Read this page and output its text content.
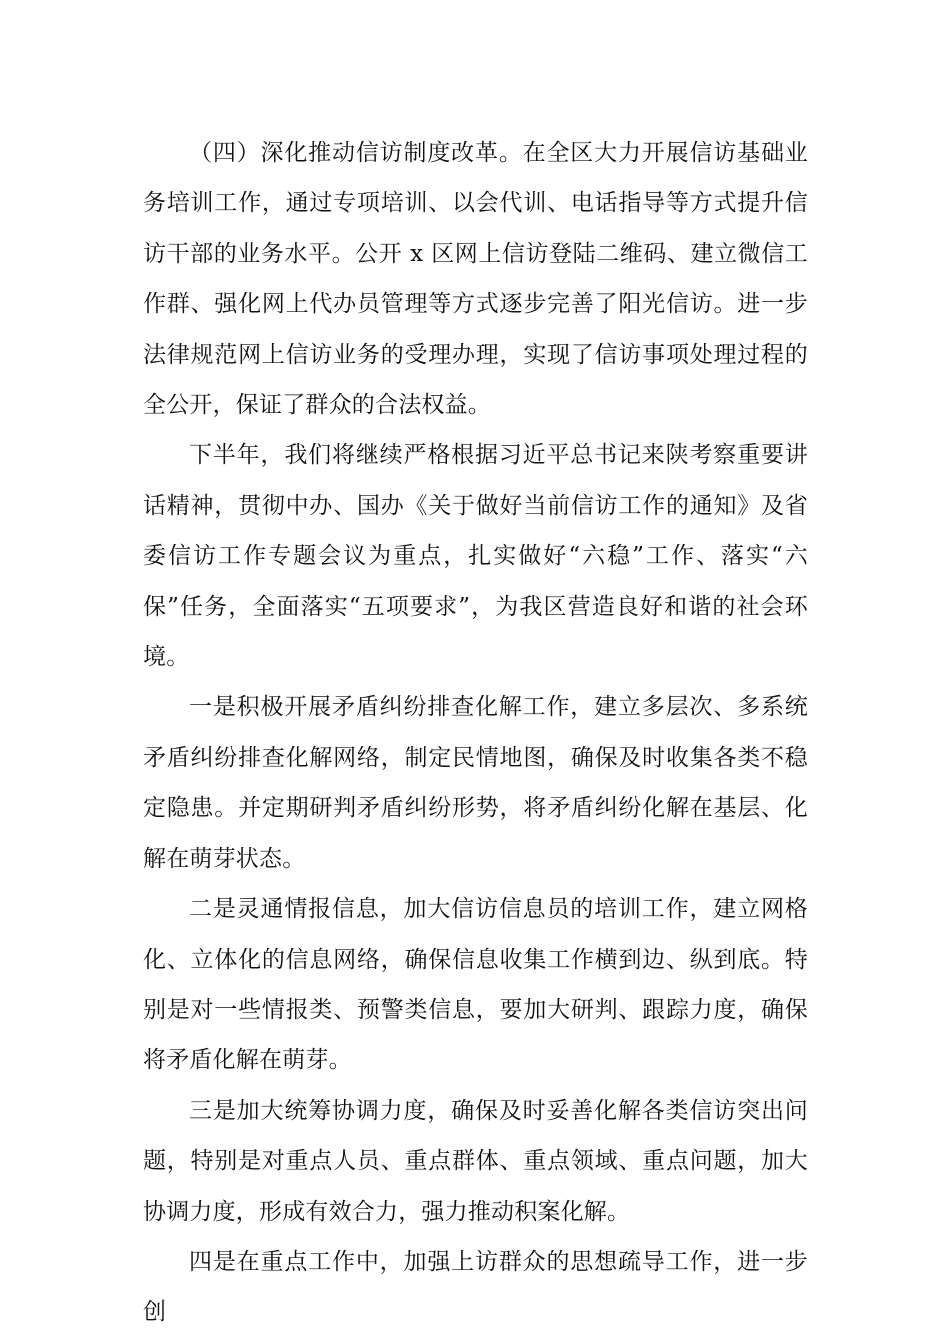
（四）深化推动信访制度改革。在全区大力开展信访基础业务培训工作，通过专项培训、以会代训、电话指导等方式提升信访干部的业务水平。公开 x 区网上信访登陆二维码、建立微信工作群、强化网上代办员管理等方式逐步完善了阳光信访。进一步法律规范网上信访业务的受理办理，实现了信访事项处理过程的全公开，保证了群众的合法权益。

下半年，我们将继续严格根据习近平总书记来陕考察重要讲话精神，贯彻中办、国办《关于做好当前信访工作的通知》及省委信访工作专题会议为重点，扎实做好“六稳”工作、落实“六保”任务，全面落实“五项要求”，为我区营造良好和谐的社会环境。

一是积极开展矛盾纠纷排查化解工作，建立多层次、多系统矛盾纠纷排查化解网络，制定民情地图，确保及时收集各类不稳定隐患。并定期研判矛盾纠纷形势，将矛盾纠纷化解在基层、化解在萌芽状态。

二是灵通情报信息，加大信访信息员的培训工作，建立网格化、立体化的信息网络，确保信息收集工作横到边、纵到底。特别是对一些情报类、预警类信息，要加大研判、跟踪力度，确保将矛盾化解在萌芽。

三是加大统筹协调力度，确保及时妥善化解各类信访突出问题，特别是对重点人员、重点群体、重点领域、重点问题，加大协调力度，形成有效合力，强力推动积案化解。

四是在重点工作中，加强上访群众的思想疏导工作，进一步创
